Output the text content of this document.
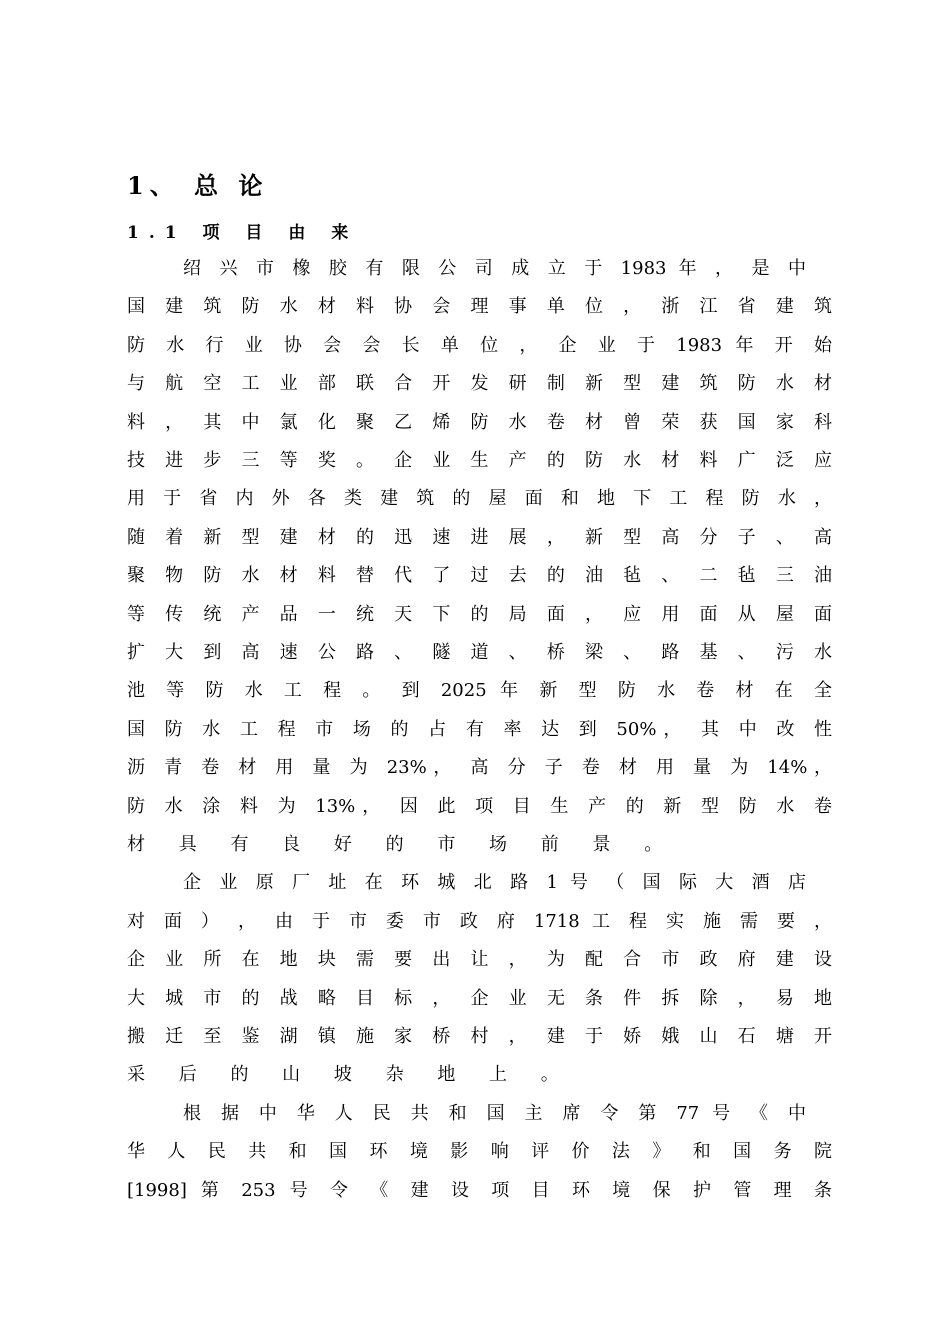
1、 总 论
1.1 项 目 由 来
绍 兴 市 橡 胶 有 限 公 司 成 立 于 1983 年 ， 是 中
国 建 筑 防 水 材 料 协 会 理 事 单 位 ， 浙 江 省 建 筑
防 水 行 业 协 会 会 长 单 位 ， 企 业 于 1983 年 开 始
与 航 空 工 业 部 联 合 开 发 研 制 新 型 建 筑 防 水 材
料 ， 其 中 氯 化 聚 乙 烯 防 水 卷 材 曾 荣 获 国 家 科
技 进 步 三 等 奖 。 企 业 生 产 的 防 水 材 料 广 泛 应
用 于 省 内 外 各 类 建 筑 的 屋 面 和 地 下 工 程 防 水 ，
随 着 新 型 建 材 的 迅 速 进 展 ， 新 型 高 分 子 、 高
聚 物 防 水 材 料 替 代 了 过 去 的 油 毡 、 二 毡 三 油
等 传 统 产 品 一 统 天 下 的 局 面 ， 应 用 面 从 屋 面
扩 大 到 高 速 公 路 、 隧 道 、 桥 梁 、 路 基 、 污 水
池 等 防 水 工 程 。 到 2025 年 新 型 防 水 卷 材 在 全
国 防 水 工 程 市 场 的 占 有 率 达 到 50%， 其 中 改 性
沥 青 卷 材 用 量 为 23%， 高 分 子 卷 材 用 量 为 14%，
防 水 涂 料 为 13%， 因 此 项 目 生 产 的 新 型 防 水 卷
材 具 有 良 好 的 市 场 前 景 。
企 业 原 厂 址 在 环 城 北 路 1 号 （ 国 际 大 酒 店
对 面 ） ， 由 于 市 委 市 政 府 1718 工 程 实 施 需 要 ，
企 业 所 在 地 块 需 要 出 让 ， 为 配 合 市 政 府 建 设
大 城 市 的 战 略 目 标 ， 企 业 无 条 件 拆 除 ， 易 地
搬 迁 至 鉴 湖 镇 施 家 桥 村 ， 建 于 娇 娥 山 石 塘 开
采 后 的 山 坡 杂 地 上 。
根 据 中 华 人 民 共 和 国 主 席 令 第 77 号 《 中
华 人 民 共 和 国 环 境 影 响 评 价 法 》 和 国 务 院
[1998] 第 253 号 令 《 建 设 项 目 环 境 保 护 管 理 条
